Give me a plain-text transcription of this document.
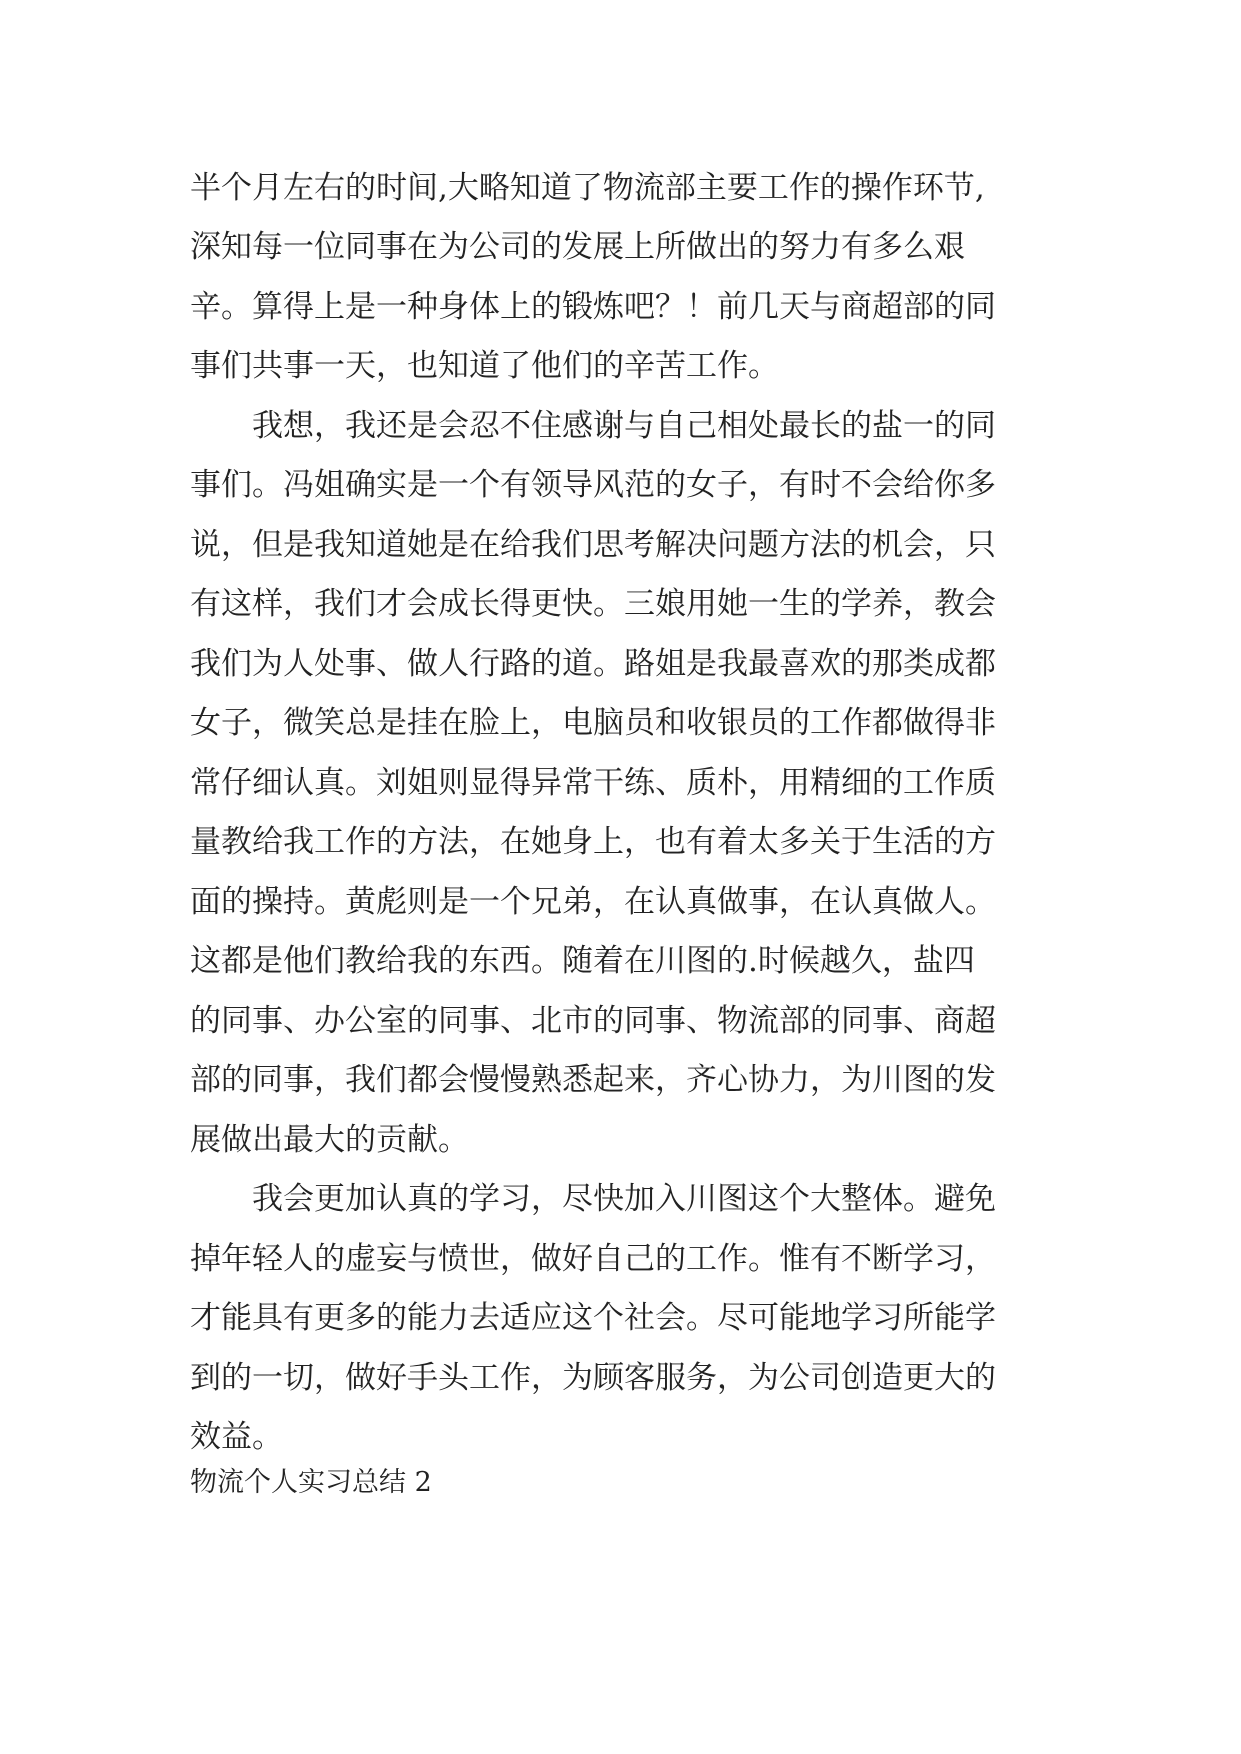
半个月左右的时间,大略知道了物流部主要工作的操作环节,
深知每一位同事在为公司的发展上所做出的努力有多么艰
辛。算得上是一种身体上的锻炼吧？！前几天与商超部的同
事们共事一天，也知道了他们的辛苦工作。
　　我想，我还是会忍不住感谢与自己相处最长的盐一的同
事们。冯姐确实是一个有领导风范的女子，有时不会给你多
说，但是我知道她是在给我们思考解决问题方法的机会，只
有这样，我们才会成长得更快。三娘用她一生的学养，教会
我们为人处事、做人行路的道。路姐是我最喜欢的那类成都
女子，微笑总是挂在脸上，电脑员和收银员的工作都做得非
常仔细认真。刘姐则显得异常干练、质朴，用精细的工作质
量教给我工作的方法，在她身上，也有着太多关于生活的方
面的操持。黄彪则是一个兄弟，在认真做事，在认真做人。
这都是他们教给我的东西。随着在川图的.时候越久，盐四
的同事、办公室的同事、北市的同事、物流部的同事、商超
部的同事，我们都会慢慢熟悉起来，齐心协力，为川图的发
展做出最大的贡献。
　　我会更加认真的学习，尽快加入川图这个大整体。避免
掉年轻人的虚妄与愤世，做好自己的工作。惟有不断学习，
才能具有更多的能力去适应这个社会。尽可能地学习所能学
到的一切，做好手头工作，为顾客服务，为公司创造更大的
效益。
物流个人实习总结 2
